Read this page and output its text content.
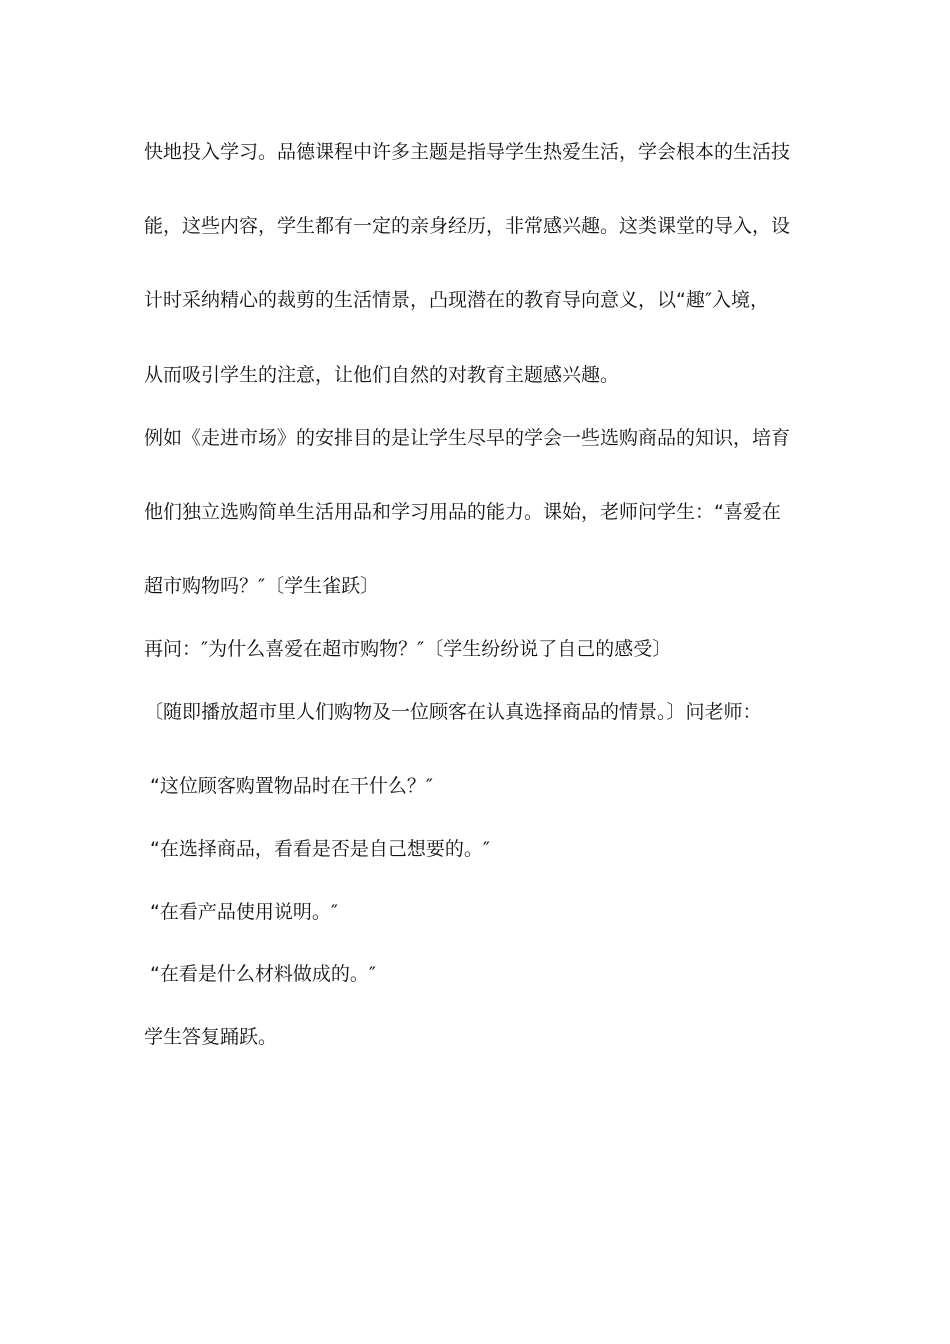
快地投入学习。品德课程中许多主题是指导学生热爱生活，学会根本的生活技
能，这些内容，学生都有一定的亲身经历，非常感兴趣。这类课堂的导入，设
计时采纳精心的裁剪的生活情景，凸现潜在的教育导向意义，以“趣″入境，
从而吸引学生的注意，让他们自然的对教育主题感兴趣。
例如《走进市场》的安排目的是让学生尽早的学会一些选购商品的知识，培育
他们独立选购简单生活用品和学习用品的能力。课始，老师问学生：“喜爱在
超市购物吗？″〔学生雀跃〕
再问：″为什么喜爱在超市购物？″〔学生纷纷说了自己的感受〕
〔随即播放超市里人们购物及一位顾客在认真选择商品的情景。〕问老师：
“这位顾客购置物品时在干什么？″
“在选择商品，看看是否是自己想要的。″
“在看产品使用说明。″
“在看是什么材料做成的。″
学生答复踊跃。
